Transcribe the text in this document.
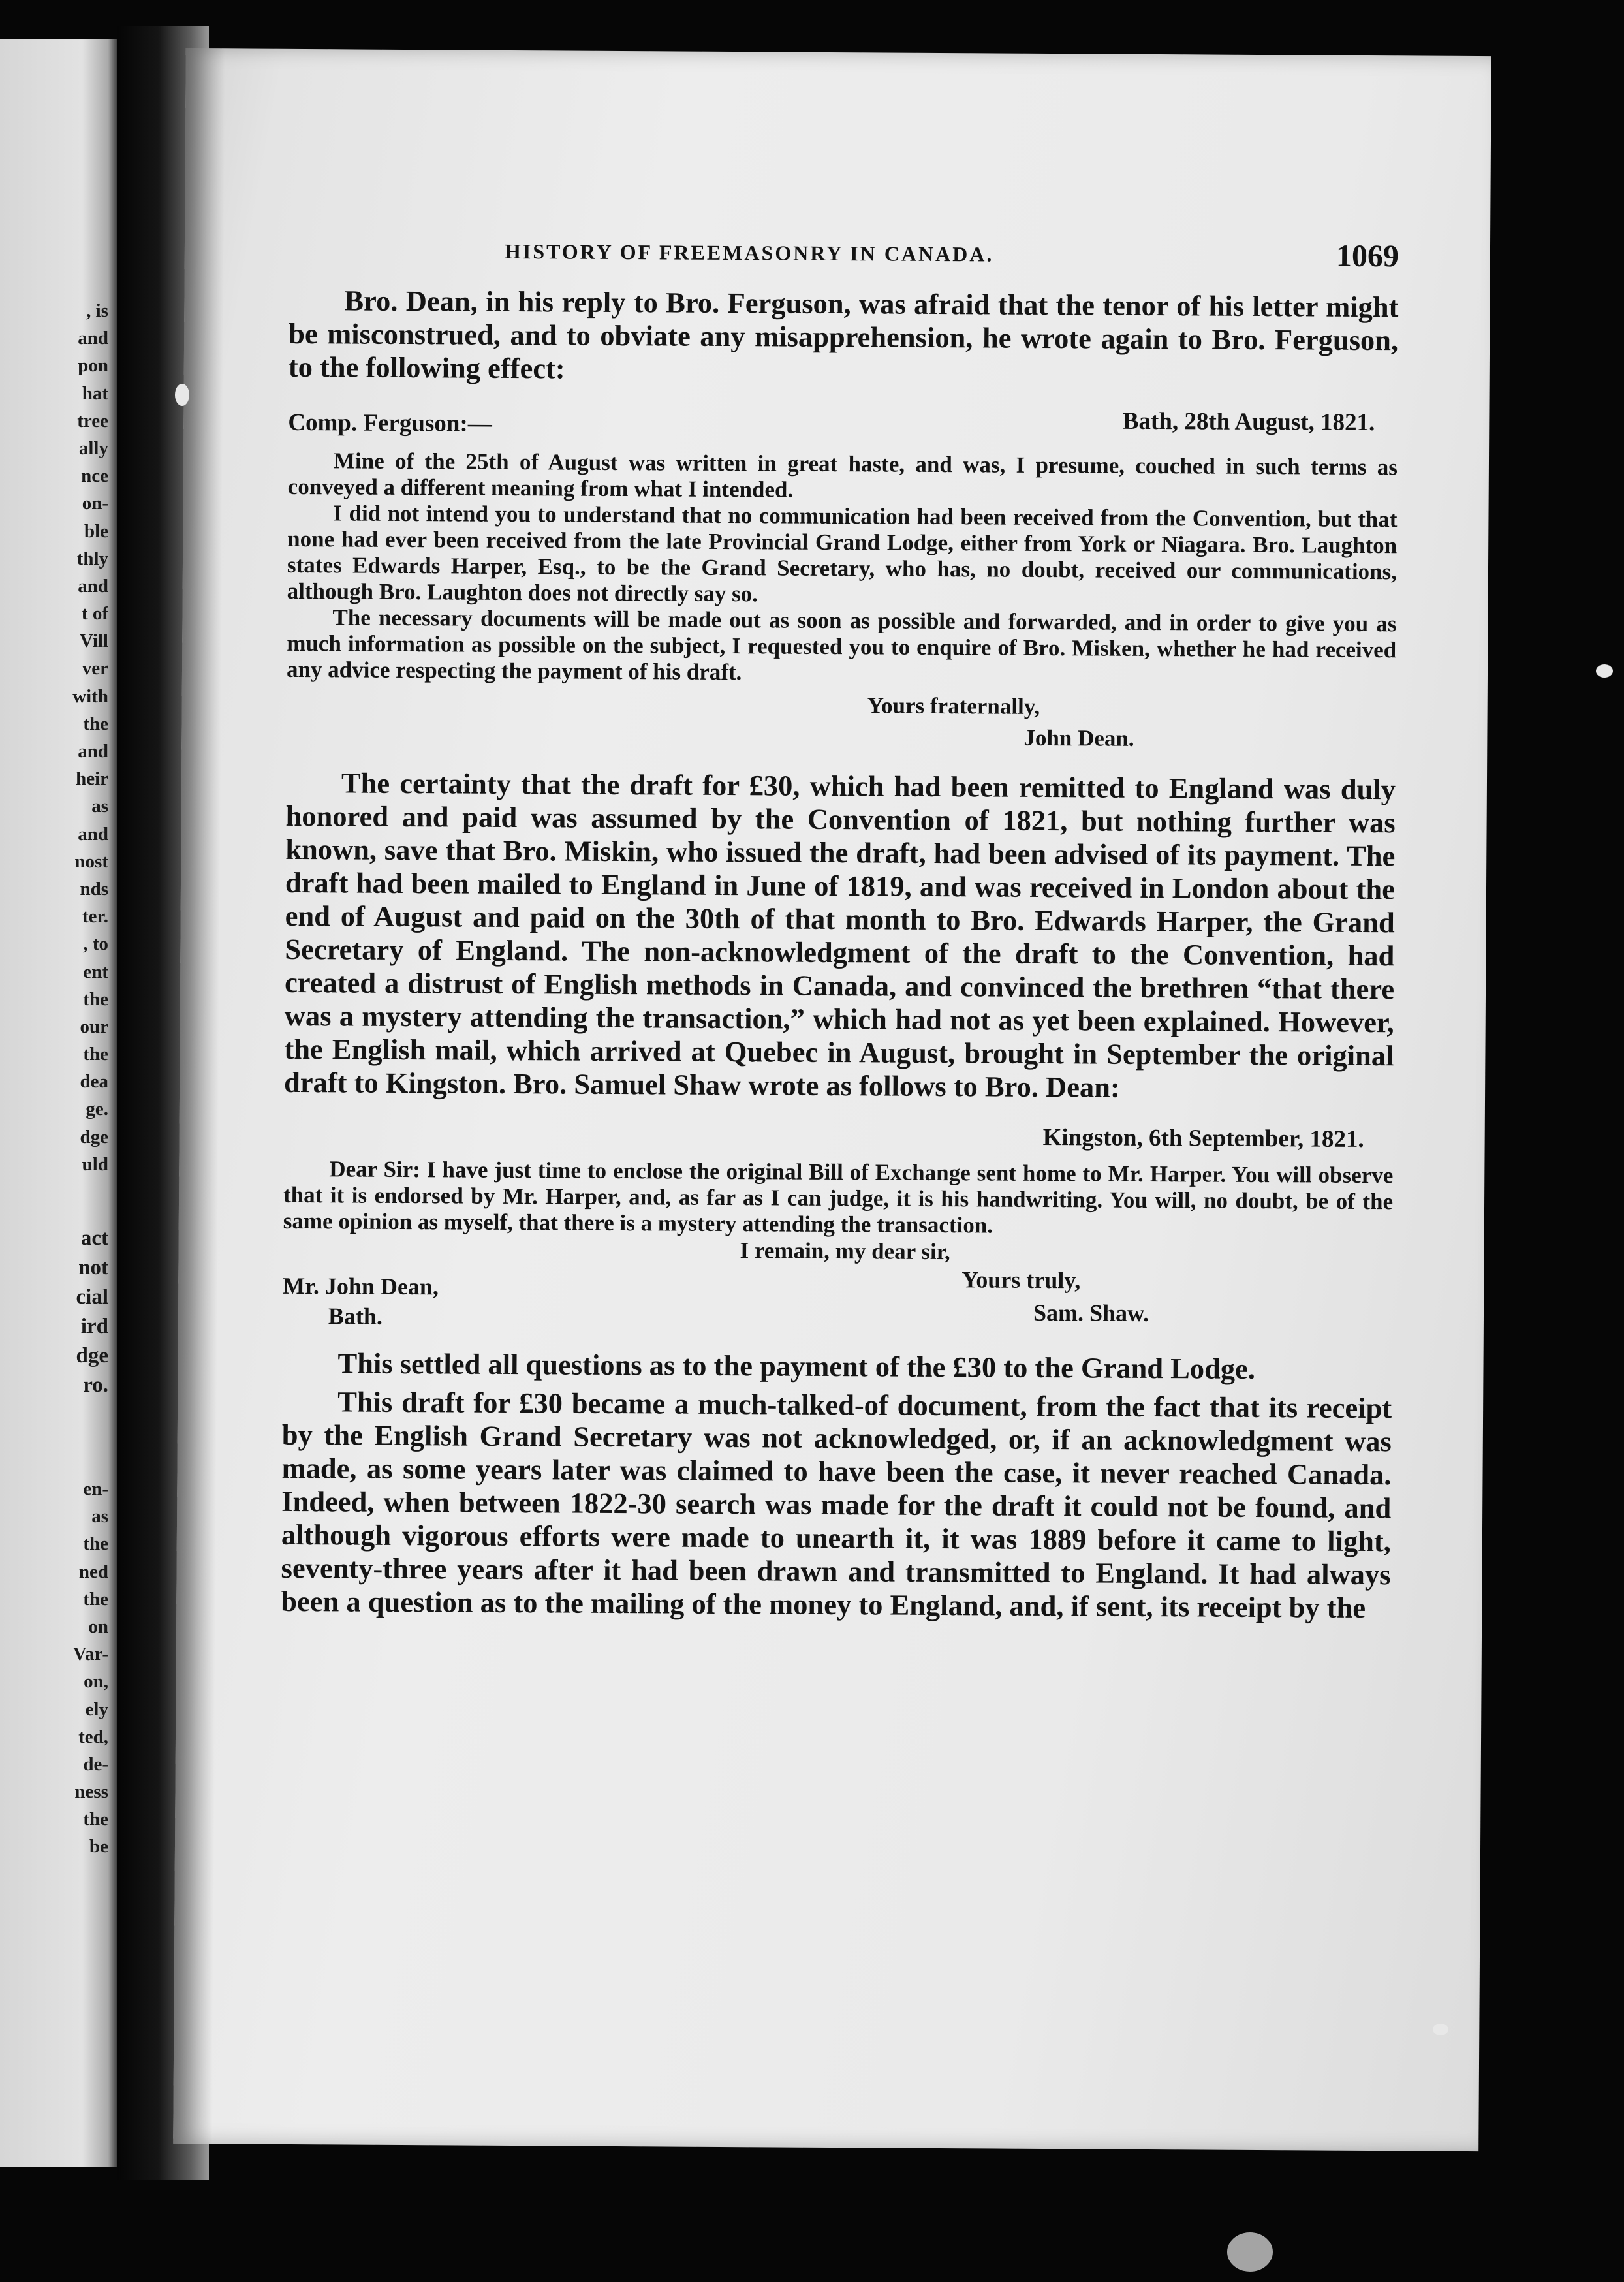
, is
and
pon
hat
tree
ally
nce
on-
ble
thly
and
t of
Vill
ver
with
the
and
heir
as
and
nost
nds
ter.
, to
ent
the
our
the
dea
ge.
dge
uld
act
not
cial
ird
dge
ro.
en-
as
the
ned
the
on
Var-
on,
ely
ted,
de-
ness
the
be
HISTORY OF FREEMASONRY IN CANADA.	1069

Bro. Dean, in his reply to Bro. Ferguson, was afraid that the tenor of his letter might be misconstrued, and to obviate any misapprehension, he wrote again to Bro. Ferguson, to the following effect:

Comp. Ferguson:—	Bath, 28th August, 1821.

Mine of the 25th of August was written in great haste, and was, I presume, couched in such terms as conveyed a different meaning from what I intended.

I did not intend you to understand that no communication had been received from the Convention, but that none had ever been received from the late Provincial Grand Lodge, either from York or Niagara. Bro. Laughton states Edwards Harper, Esq., to be the Grand Secretary, who has, no doubt, received our communications, although Bro. Laughton does not directly say so.

The necessary documents will be made out as soon as possible and forwarded, and in order to give you as much information as possible on the subject, I requested you to enquire of Bro. Misken, whether he had received any advice respecting the payment of his draft.

Yours fraternally,
John Dean.

The certainty that the draft for £30, which had been remitted to England was duly honored and paid was assumed by the Convention of 1821, but nothing further was known, save that Bro. Miskin, who issued the draft, had been advised of its payment. The draft had been mailed to England in June of 1819, and was received in London about the end of August and paid on the 30th of that month to Bro. Edwards Harper, the Grand Secretary of England. The non-acknowledgment of the draft to the Convention, had created a distrust of English methods in Canada, and convinced the brethren “that there was a mystery attending the transaction,” which had not as yet been explained. However, the English mail, which arrived at Quebec in August, brought in September the original draft to Kingston. Bro. Samuel Shaw wrote as follows to Bro. Dean:

Kingston, 6th September, 1821.

Dear Sir: I have just time to enclose the original Bill of Exchange sent home to Mr. Harper. You will observe that it is endorsed by Mr. Harper, and, as far as I can judge, it is his handwriting. You will, no doubt, be of the same opinion as myself, that there is a mystery attending the transaction.

I remain, my dear sir,
Mr. John Dean,
Bath.
Yours truly,
Sam. Shaw.

This settled all questions as to the payment of the £30 to the Grand Lodge.

This draft for £30 became a much-talked-of document, from the fact that its receipt by the English Grand Secretary was not acknowledged, or, if an acknowledgment was made, as some years later was claimed to have been the case, it never reached Canada. Indeed, when between 1822-30 search was made for the draft it could not be found, and although vigorous efforts were made to unearth it, it was 1889 before it came to light, seventy-three years after it had been drawn and transmitted to England. It had always been a question as to the mailing of the money to England, and, if sent, its receipt by the
